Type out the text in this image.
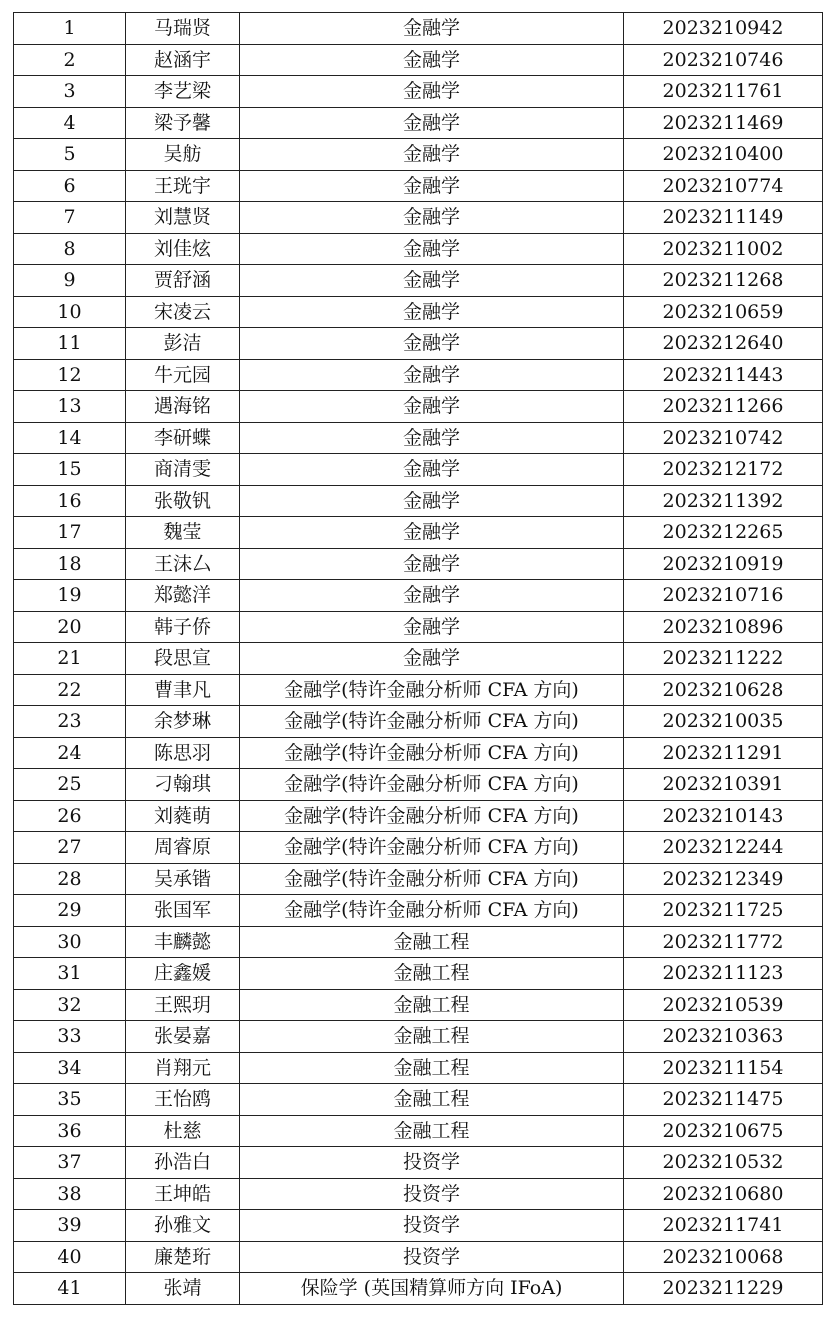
1	马瑞贤	金融学	2023210942
2	赵涵宇	金融学	2023210746
3	李艺梁	金融学	2023211761
4	梁予馨	金融学	2023211469
5	吴舫	金融学	2023210400
6	王珖宇	金融学	2023210774
7	刘慧贤	金融学	2023211149
8	刘佳炫	金融学	2023211002
9	贾舒涵	金融学	2023211268
10	宋凌云	金融学	2023210659
11	彭洁	金融学	2023212640
12	牛元园	金融学	2023211443
13	遇海铭	金融学	2023211266
14	李研蝶	金融学	2023210742
15	商清雯	金融学	2023212172
16	张敬钒	金融学	2023211392
17	魏莹	金融学	2023212265
18	王沫厶	金融学	2023210919
19	郑懿洋	金融学	2023210716
20	韩子侨	金融学	2023210896
21	段思宣	金融学	2023211222
22	曹聿凡	金融学(特许金融分析师 CFA 方向)	2023210628
23	余梦琳	金融学(特许金融分析师 CFA 方向)	2023210035
24	陈思羽	金融学(特许金融分析师 CFA 方向)	2023211291
25	刁翰琪	金融学(特许金融分析师 CFA 方向)	2023210391
26	刘蕤萌	金融学(特许金融分析师 CFA 方向)	2023210143
27	周睿原	金融学(特许金融分析师 CFA 方向)	2023212244
28	吴承锴	金融学(特许金融分析师 CFA 方向)	2023212349
29	张国军	金融学(特许金融分析师 CFA 方向)	2023211725
30	丰麟懿	金融工程	2023211772
31	庄鑫媛	金融工程	2023211123
32	王熙玥	金融工程	2023210539
33	张晏嘉	金融工程	2023210363
34	肖翔元	金融工程	2023211154
35	王怡鸥	金融工程	2023211475
36	杜慈	金融工程	2023210675
37	孙浩白	投资学	2023210532
38	王坤皓	投资学	2023210680
39	孙雅文	投资学	2023211741
40	廉楚珩	投资学	2023210068
41	张靖	保险学 (英国精算师方向 IFoA)	2023211229
